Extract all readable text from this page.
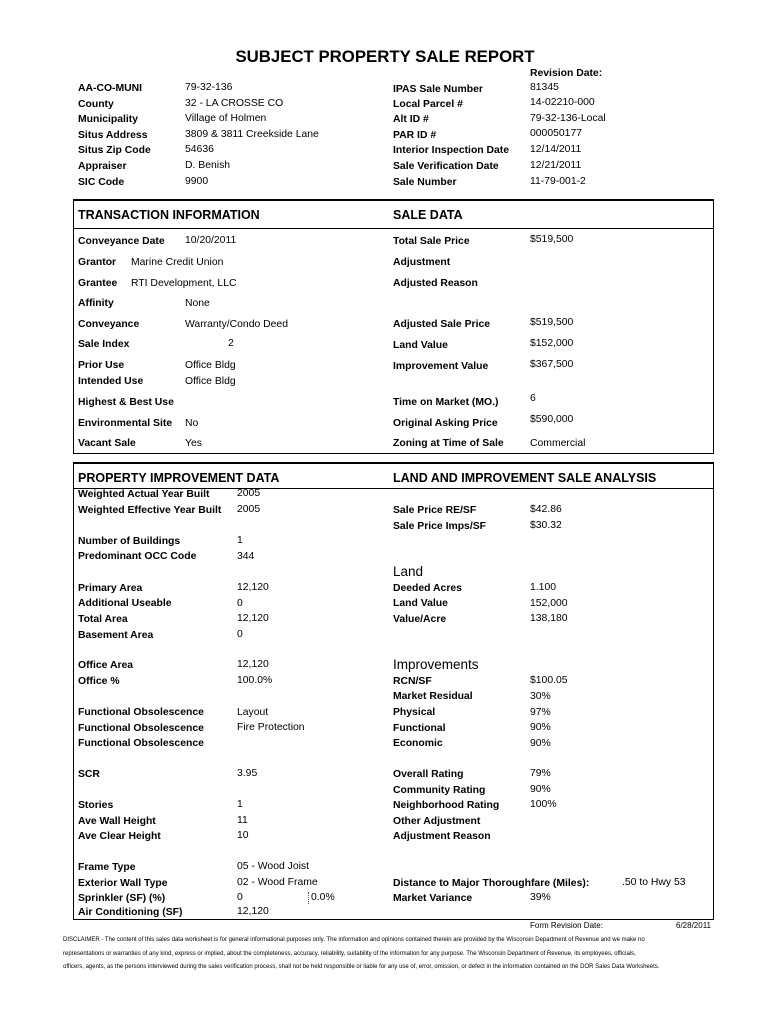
SUBJECT PROPERTY SALE REPORT
Revision Date:
AA-CO-MUNI	79-32-136
County	32 - LA CROSSE CO
Municipality	Village of Holmen
Situs Address	3809 & 3811 Creekside Lane
Situs Zip Code	54636
Appraiser	D. Benish
SIC Code	9900
IPAS Sale Number	81345
Local Parcel #	14-02210-000
Alt ID #	79-32-136-Local
PAR ID #	000050177
Interior Inspection Date 12/14/2011
Sale Verification Date	12/21/2011
Sale Number	11-79-001-2
TRANSACTION INFORMATION	SALE DATA
Conveyance Date 10/20/2011
Grantor Marine Credit Union
Grantee RTI Development, LLC
Affinity	None
Conveyance	Warranty/Condo Deed
Sale Index	2
Prior Use	Office Bldg
Intended Use	Office Bldg
Highest & Best Use
Environmental Site No
Vacant Sale	Yes
Total Sale Price	$519,500
Adjustment
Adjusted Reason
Adjusted Sale Price	$519,500
Land Value	$152,000
Improvement Value	$367,500
Time on Market (MO.)	6
Original Asking Price	$590,000
Zoning at Time of Sale	Commercial
PROPERTY IMPROVEMENT DATA	LAND AND IMPROVEMENT SALE ANALYSIS
Weighted Actual Year Built	2005
Weighted Effective Year Built 2005
Number of Buildings	1
Predominant OCC Code	344
Primary Area	12,120
Additional Useable	0
Total Area	12,120
Basement Area	0
Office Area	12,120
Office %	100.0%
Functional Obsolescence	Layout
Functional Obsolescence	Fire Protection
Functional Obsolescence
SCR	3.95
Stories	1
Ave Wall Height	11
Ave Clear Height	10
Frame Type	05 - Wood Joist
Exterior Wall Type	02 - Wood Frame
Sprinkler (SF) (%)	0	0.0%
Air Conditioning (SF)	12,120
Sale Price RE/SF	$42.86
Sale Price Imps/SF	$30.32
Land
Deeded Acres	1.100
Land Value	152,000
Value/Acre	138,180
Improvements
RCN/SF	$100.05
Market Residual	30%
Physical	97%
Functional	90%
Economic	90%
Overall Rating	79%
Community Rating	90%
Neighborhood Rating	100%
Other Adjustment
Adjustment Reason
Distance to Major Thoroughfare (Miles):	.50 to Hwy 53
Market Variance	39%
Form Revision Date:	6/28/2011
DISCLAIMER - The content of this sales data worksheet is for general informational purposes only. The information and opinions contained therein are provided by the Wisconsin Department of Revenue and we make no
representations or warranties of any kind, express or implied, about the completeness, accuracy, reliability, suitability of the information for any purpose. The Wisconsin Department of Revenue, its employees, officials,
officers, agents, as the persons interviewed during the sales verification process, shall not be held responsible or liable for any use of, error, omission, or defect in the information contained on the DOR Sales Data Worksheets.
